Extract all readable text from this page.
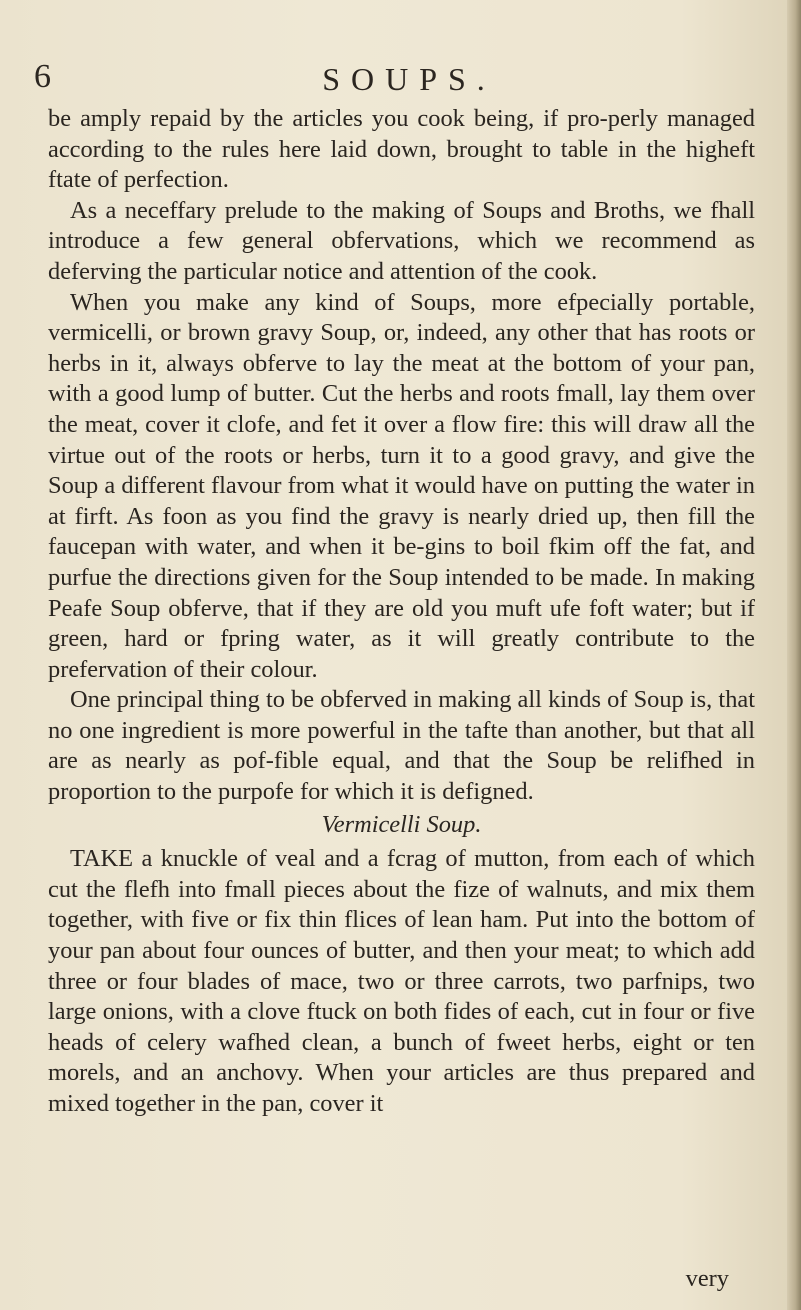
6	SOUPS.

be amply repaid by the articles you cook being, if pro-perly managed according to the rules here laid down, brought to table in the higheft ftate of perfection.

As a neceffary prelude to the making of Soups and Broths, we fhall introduce a few general obfervations, which we recommend as deferving the particular notice and attention of the cook.

When you make any kind of Soups, more efpecially portable, vermicelli, or brown gravy Soup, or, indeed, any other that has roots or herbs in it, always obferve to lay the meat at the bottom of your pan, with a good lump of butter. Cut the herbs and roots fmall, lay them over the meat, cover it clofe, and fet it over a flow fire: this will draw all the virtue out of the roots or herbs, turn it to a good gravy, and give the Soup a different flavour from what it would have on putting the water in at firft. As foon as you find the gravy is nearly dried up, then fill the faucepan with water, and when it be-gins to boil fkim off the fat, and purfue the directions given for the Soup intended to be made. In making Peafe Soup obferve, that if they are old you muft ufe foft water; but if green, hard or fpring water, as it will greatly contribute to the prefervation of their colour.

One principal thing to be obferved in making all kinds of Soup is, that no one ingredient is more powerful in the tafte than another, but that all are as nearly as pof-fible equal, and that the Soup be relifhed in proportion to the purpofe for which it is defigned.

Vermicelli Soup.

TAKE a knuckle of veal and a fcrag of mutton, from each of which cut the flefh into fmall pieces about the fize of walnuts, and mix them together, with five or fix thin flices of lean ham. Put into the bottom of your pan about four ounces of butter, and then your meat; to which add three or four blades of mace, two or three carrots, two parfnips, two large onions, with a clove ftuck on both fides of each, cut in four or five heads of celery wafhed clean, a bunch of fweet herbs, eight or ten morels, and an anchovy. When your articles are thus prepared and mixed together in the pan, cover it

very
